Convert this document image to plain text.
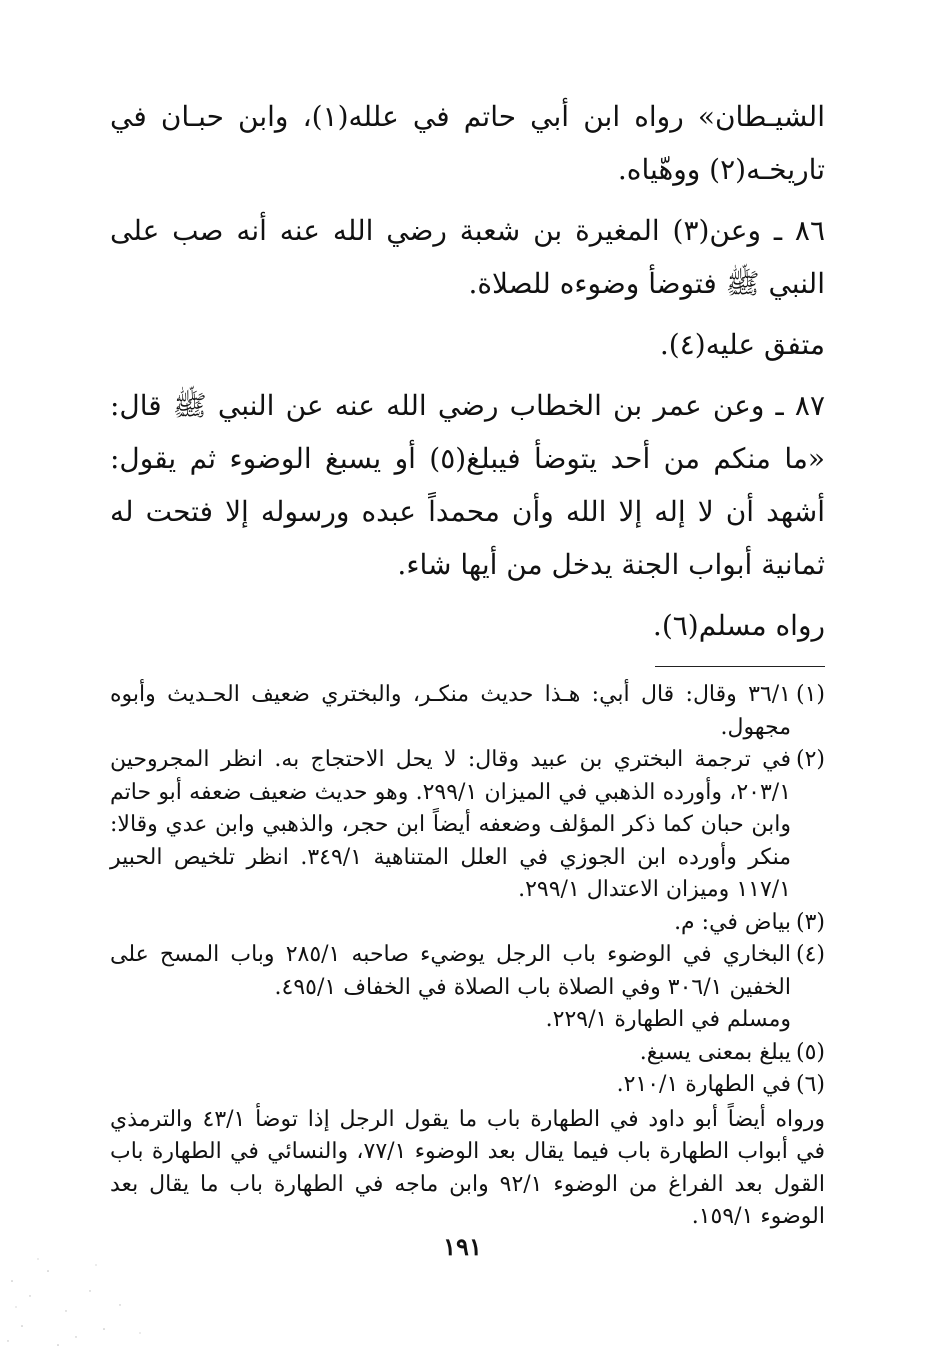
الشيـطان» رواه ابن أبي حاتم في علله(١)، وابن حبـان في تاريخـه(٢) ووهّياه.

٨٦ ـ وعن(٣) المغيرة بن شعبة رضي الله عنه أنه صب على النبي ﷺ فتوضأ وضوءه للصلاة.

متفق عليه(٤).

٨٧ ـ وعن عمر بن الخطاب رضي الله عنه عن النبي ﷺ قال: «ما منكم من أحد يتوضأ فيبلغ(٥) أو يسبغ الوضوء ثم يقول: أشهد أن لا إله إلا الله وأن محمداً عبده ورسوله إلا فتحت له ثمانية أبواب الجنة يدخل من أيها شاء.

رواه مسلم(٦).

(١)
٣٦/١ وقال: قال أبي: هـذا حديث منكـر، والبختري ضعيف الحـديث وأبوه مجهول.
(٢)
في ترجمة البختري بن عبيد وقال: لا يحل الاحتجاج به. انظر المجروحين ٢٠٣/١، وأورده الذهبي في الميزان ٢٩٩/١. وهو حديث ضعيف ضعفه أبو حاتم وابن حبان كما ذكر المؤلف وضعفه أيضاً ابن حجر، والذهبي وابن عدي وقالا: منكر وأورده ابن الجوزي في العلل المتناهية ٣٤٩/١. انظر تلخيص الحبير ١١٧/١ وميزان الاعتدال ٢٩٩/١.
(٣)
بياض في: م.
(٤)
البخاري في الوضوء باب الرجل يوضيء صاحبه ٢٨٥/١ وباب المسح على الخفين ٣٠٦/١ وفي الصلاة باب الصلاة في الخفاف ٤٩٥/١.
ومسلم في الطهارة ٢٢٩/١.
(٥)
يبلغ بمعنى يسبغ.
(٦)
في الطهارة ٢١٠/١.
ورواه أيضاً أبو داود في الطهارة باب ما يقول الرجل إذا توضأ ٤٣/١ والترمذي في أبواب الطهارة باب فيما يقال بعد الوضوء ٧٧/١، والنسائي في الطهارة باب القول بعد الفراغ من الوضوء ٩٢/١ وابن ماجه في الطهارة باب ما يقال بعد الوضوء ١٥٩/١.
١٩١
